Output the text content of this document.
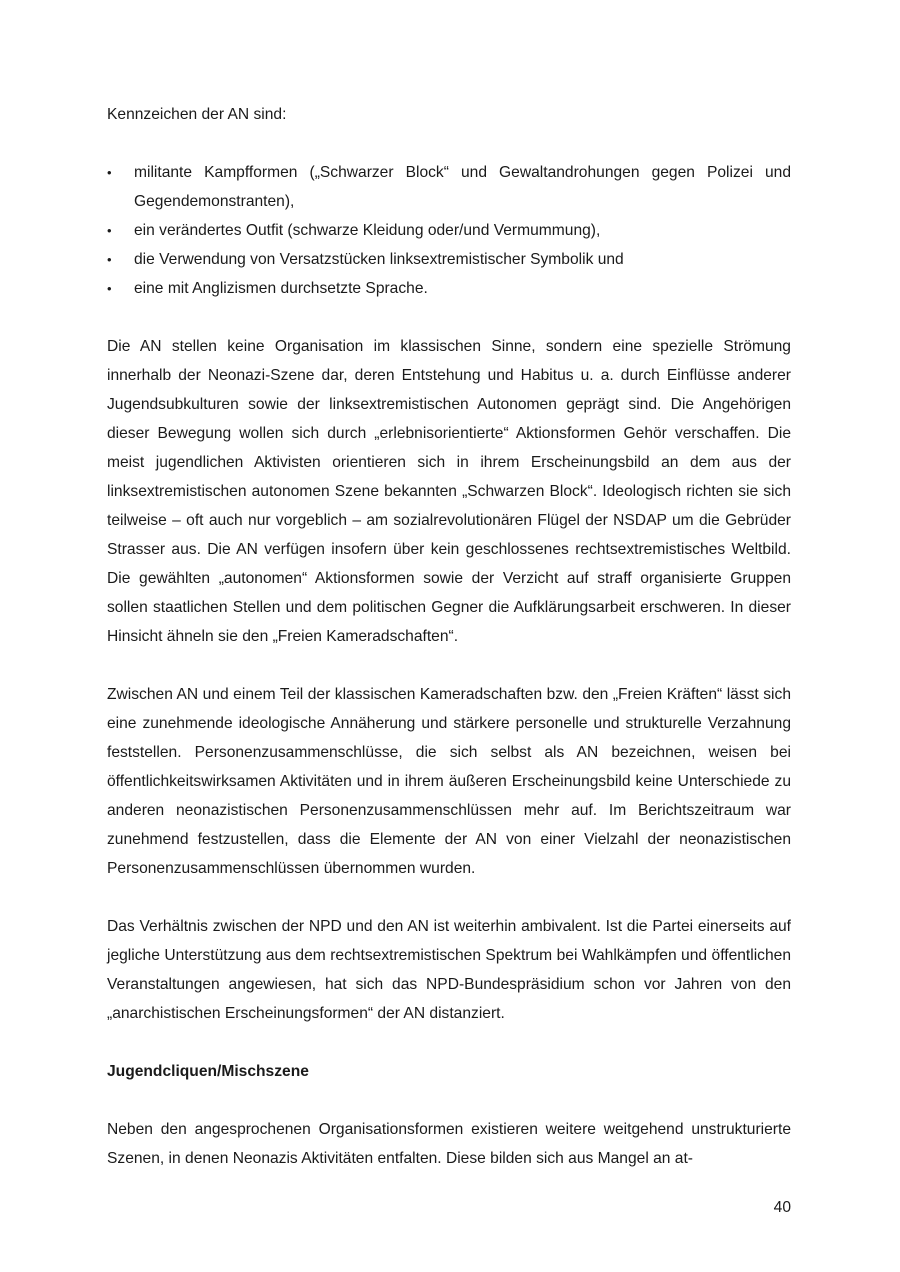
Kennzeichen der AN sind:

• militante Kampfformen („Schwarzer Block“ und Gewaltandrohungen gegen Polizei und Gegendemonstranten),
• ein verändertes Outfit (schwarze Kleidung oder/und Vermummung),
• die Verwendung von Versatzstücken linksextremistischer Symbolik und
• eine mit Anglizismen durchsetzte Sprache.

Die AN stellen keine Organisation im klassischen Sinne, sondern eine spezielle Strömung innerhalb der Neonazi-Szene dar, deren Entstehung und Habitus u. a. durch Einflüsse anderer Jugendsubkulturen sowie der linksextremistischen Autonomen geprägt sind. Die Angehörigen dieser Bewegung wollen sich durch „erlebnisorientierte“ Aktionsformen Gehör verschaffen. Die meist jugendlichen Aktivisten orientieren sich in ihrem Erscheinungsbild an dem aus der linksextremistischen autonomen Szene bekannten „Schwarzen Block“. Ideologisch richten sie sich teilweise – oft auch nur vorgeblich – am sozialrevolutionären Flügel der NSDAP um die Gebrüder Strasser aus. Die AN verfügen insofern über kein geschlossenes rechtsextremistisches Weltbild. Die gewählten „autonomen“ Aktionsformen sowie der Verzicht auf straff organisierte Gruppen sollen staatlichen Stellen und dem politischen Gegner die Aufklärungsarbeit erschweren. In dieser Hinsicht ähneln sie den „Freien Kameradschaften“.

Zwischen AN und einem Teil der klassischen Kameradschaften bzw. den „Freien Kräften“ lässt sich eine zunehmende ideologische Annäherung und stärkere personelle und strukturelle Verzahnung feststellen. Personenzusammenschlüsse, die sich selbst als AN bezeichnen, weisen bei öffentlichkeitswirksamen Aktivitäten und in ihrem äußeren Erscheinungsbild keine Unterschiede zu anderen neonazistischen Personenzusammenschlüssen mehr auf. Im Berichtszeitraum war zunehmend festzustellen, dass die Elemente der AN von einer Vielzahl der neonazistischen Personenzusammenschlüssen übernommen wurden.

Das Verhältnis zwischen der NPD und den AN ist weiterhin ambivalent. Ist die Partei einerseits auf jegliche Unterstützung aus dem rechtsextremistischen Spektrum bei Wahlkämpfen und öffentlichen Veranstaltungen angewiesen, hat sich das NPD-Bundespräsidium schon vor Jahren von den „anarchistischen Erscheinungsformen“ der AN distanziert.

Jugendcliquen/Mischszene

Neben den angesprochenen Organisationsformen existieren weitere weitgehend unstrukturierte Szenen, in denen Neonazis Aktivitäten entfalten. Diese bilden sich aus Mangel an at-

40
